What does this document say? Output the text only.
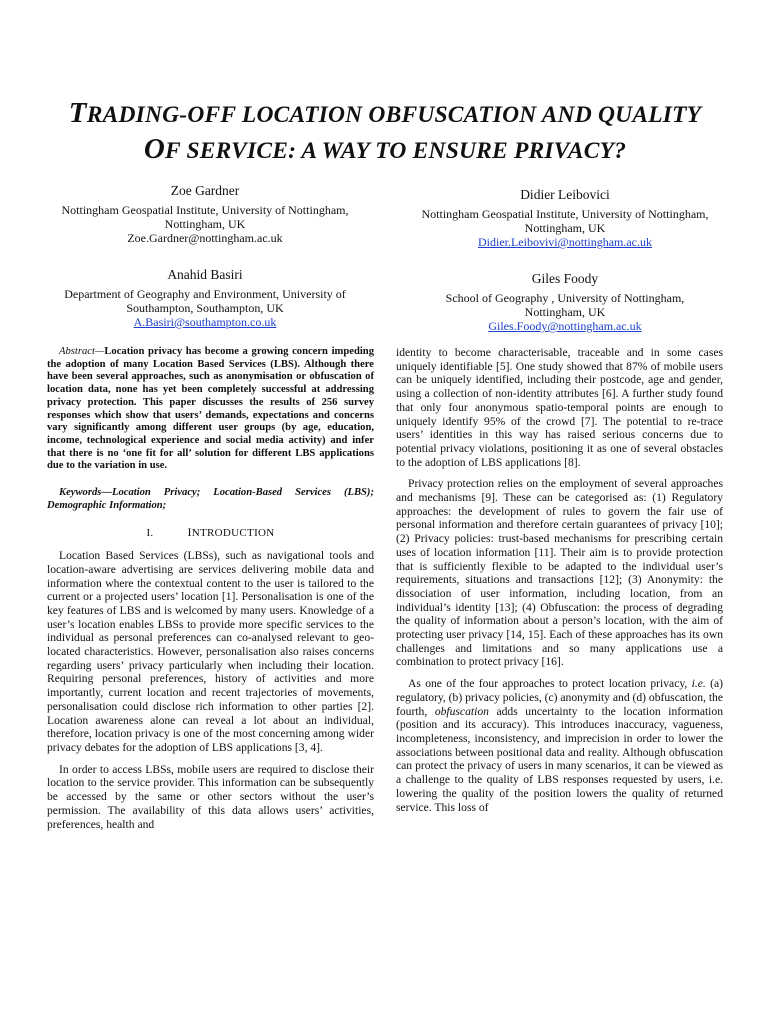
TRADING-OFF LOCATION OBFUSCATION AND QUALITY
OF SERVICE: A WAY TO ENSURE PRIVACY?
Zoe Gardner
Nottingham Geospatial Institute, University of Nottingham,
Nottingham, UK
Zoe.Gardner@nottingham.ac.uk
Didier Leibovici
Nottingham Geospatial Institute, University of Nottingham,
Nottingham, UK
Didier.Leibovivi@nottingham.ac.uk
Anahid Basiri
Department of Geography and Environment, University of
Southampton, Southampton, UK
A.Basiri@southampton.co.uk
Giles Foody
School of Geography , University of Nottingham,
Nottingham, UK
Giles.Foody@nottingham.ac.uk

Abstract—Location privacy has become a growing concern impeding the adoption of many Location Based Services (LBS). Although there have been several approaches, such as anonymisation or obfuscation of location data, none has yet been completely successful at addressing privacy protection. This paper discusses the results of 256 survey responses which show that users’ demands, expectations and concerns vary significantly among different user groups (by age, education, income, technological experience and social media activity) and infer that there is no ‘one fit for all’ solution for different LBS applications due to the variation in use.

Keywords—Location Privacy; Location-Based Services (LBS); Demographic Information;

I.	INTRODUCTION

Location Based Services (LBSs), such as navigational tools and location-aware advertising are services delivering mobile data and information where the contextual content to the user is tailored to the current or a projected users’ location [1]. Personalisation is one of the key features of LBS and is welcomed by many users. Knowledge of a user’s location enables LBSs to provide more specific services to the individual as personal preferences can co-analysed relevant to geo-located characteristics. However, personalisation also raises concerns regarding users’ privacy particularly when including their location. Requiring personal preferences, history of activities and more importantly, current location and recent trajectories of movements, personalisation could disclose rich information to other parties [2]. Location awareness alone can reveal a lot about an individual, therefore, location privacy is one of the most concerning among wider privacy debates for the adoption of LBS applications [3, 4].

In order to access LBSs, mobile users are required to disclose their location to the service provider. This information can be subsequently be accessed by the same or other sectors without the user’s permission. The availability of this data allows users’ activities, preferences, health and

identity to become characterisable, traceable and in some cases uniquely identifiable [5]. One study showed that 87% of mobile users can be uniquely identified, including their postcode, age and gender, using a collection of non-identity attributes [6]. A further study found that only four anonymous spatio-temporal points are enough to uniquely identify 95% of the crowd [7]. The potential to re-trace users’ identities in this way has raised serious concerns due to potential privacy violations, positioning it as one of several obstacles to the adoption of LBS applications [8].

Privacy protection relies on the employment of several approaches and mechanisms [9]. These can be categorised as: (1) Regulatory approaches: the development of rules to govern the fair use of personal information and therefore certain guarantees of privacy [10]; (2) Privacy policies: trust-based mechanisms for prescribing certain uses of location information [11]. Their aim is to provide protection that is sufficiently flexible to be adapted to the individual user’s requirements, situations and transactions [12]; (3) Anonymity: the dissociation of user information, including location, from an individual’s identity [13]; (4) Obfuscation: the process of degrading the quality of information about a person’s location, with the aim of protecting user privacy [14, 15]. Each of these approaches has its own challenges and limitations and so many applications use a combination to protect privacy [16].

As one of the four approaches to protect location privacy, i.e. (a) regulatory, (b) privacy policies, (c) anonymity and (d) obfuscation, the fourth, obfuscation adds uncertainty to the location information (position and its accuracy). This introduces inaccuracy, vagueness, incompleteness, inconsistency, and imprecision in order to lower the associations between positional data and reality. Although obfuscation can protect the privacy of users in many scenarios, it can be viewed as a challenge to the quality of LBS responses requested by users, i.e. lowering the quality of the position lowers the quality of returned service. This loss of
